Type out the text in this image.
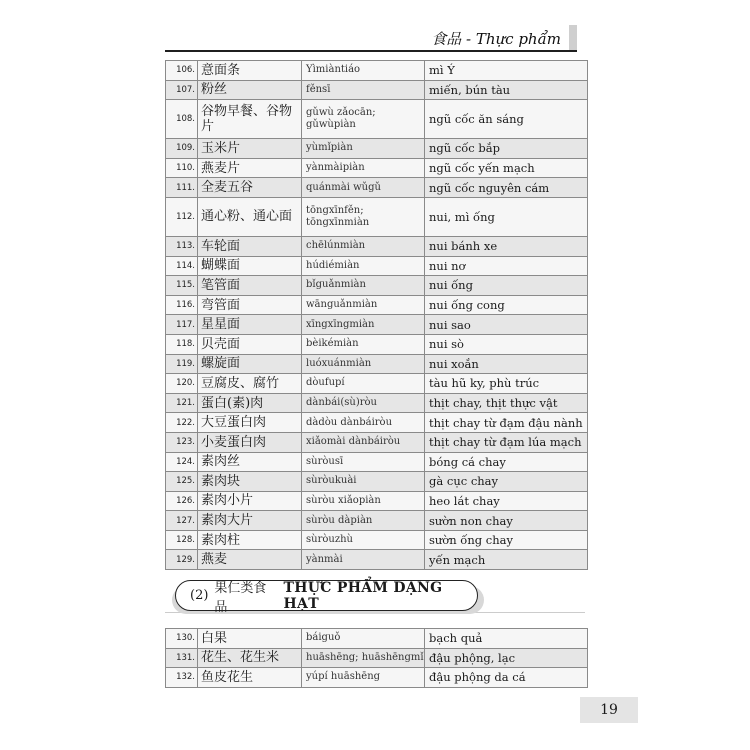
食品 - Thực phẩm
106.	意面条	Yìmiàntiáo	mì Ý
107.	粉丝	fěnsī	miến, bún tàu
108.	谷物早餐、谷物片	gǔwù zǎocān; gǔwùpiàn	ngũ cốc ăn sáng
109.	玉米片	yùmǐpiàn	ngũ cốc bắp
110.	燕麦片	yànmàipiàn	ngũ cốc yến mạch
111.	全麦五谷	quánmài wǔgǔ	ngũ cốc nguyên cám
112.	通心粉、通心面	tōngxīnfěn; tōngxīnmiàn	nui, mì ống
113.	车轮面	chēlúnmiàn	nui bánh xe
114.	蝴蝶面	húdiémiàn	nui nơ
115.	笔管面	bǐguǎnmiàn	nui ống
116.	弯管面	wānguǎnmiàn	nui ống cong
117.	星星面	xīngxīngmiàn	nui sao
118.	贝壳面	bèikémiàn	nui sò
119.	螺旋面	luóxuánmiàn	nui xoắn
120.	豆腐皮、腐竹	dòufupí	tàu hũ ky, phù trúc
121.	蛋白(素)肉	dànbái(sù)ròu	thịt chay, thịt thực vật
122.	大豆蛋白肉	dàdòu dànbáiròu	thịt chay từ đạm đậu nành
123.	小麦蛋白肉	xiǎomài dànbáiròu	thịt chay từ đạm lúa mạch
124.	素肉丝	sùròusī	bóng cá chay
125.	素肉块	sùròukuài	gà cục chay
126.	素肉小片	sùròu xiǎopiàn	heo lát chay
127.	素肉大片	sùròu dàpiàn	sườn non chay
128.	素肉柱	sùròuzhù	sườn ống chay
129.	燕麦	yànmài	yến mạch
(2) 果仁类食品
THỰC PHẨM DẠNG HẠT
130.	白果	báiguǒ	bạch quả
131.	花生、花生米	huāshēng; huāshēngmǐ	đậu phộng, lạc
132.	鱼皮花生	yúpí huāshēng	đậu phộng da cá
19
